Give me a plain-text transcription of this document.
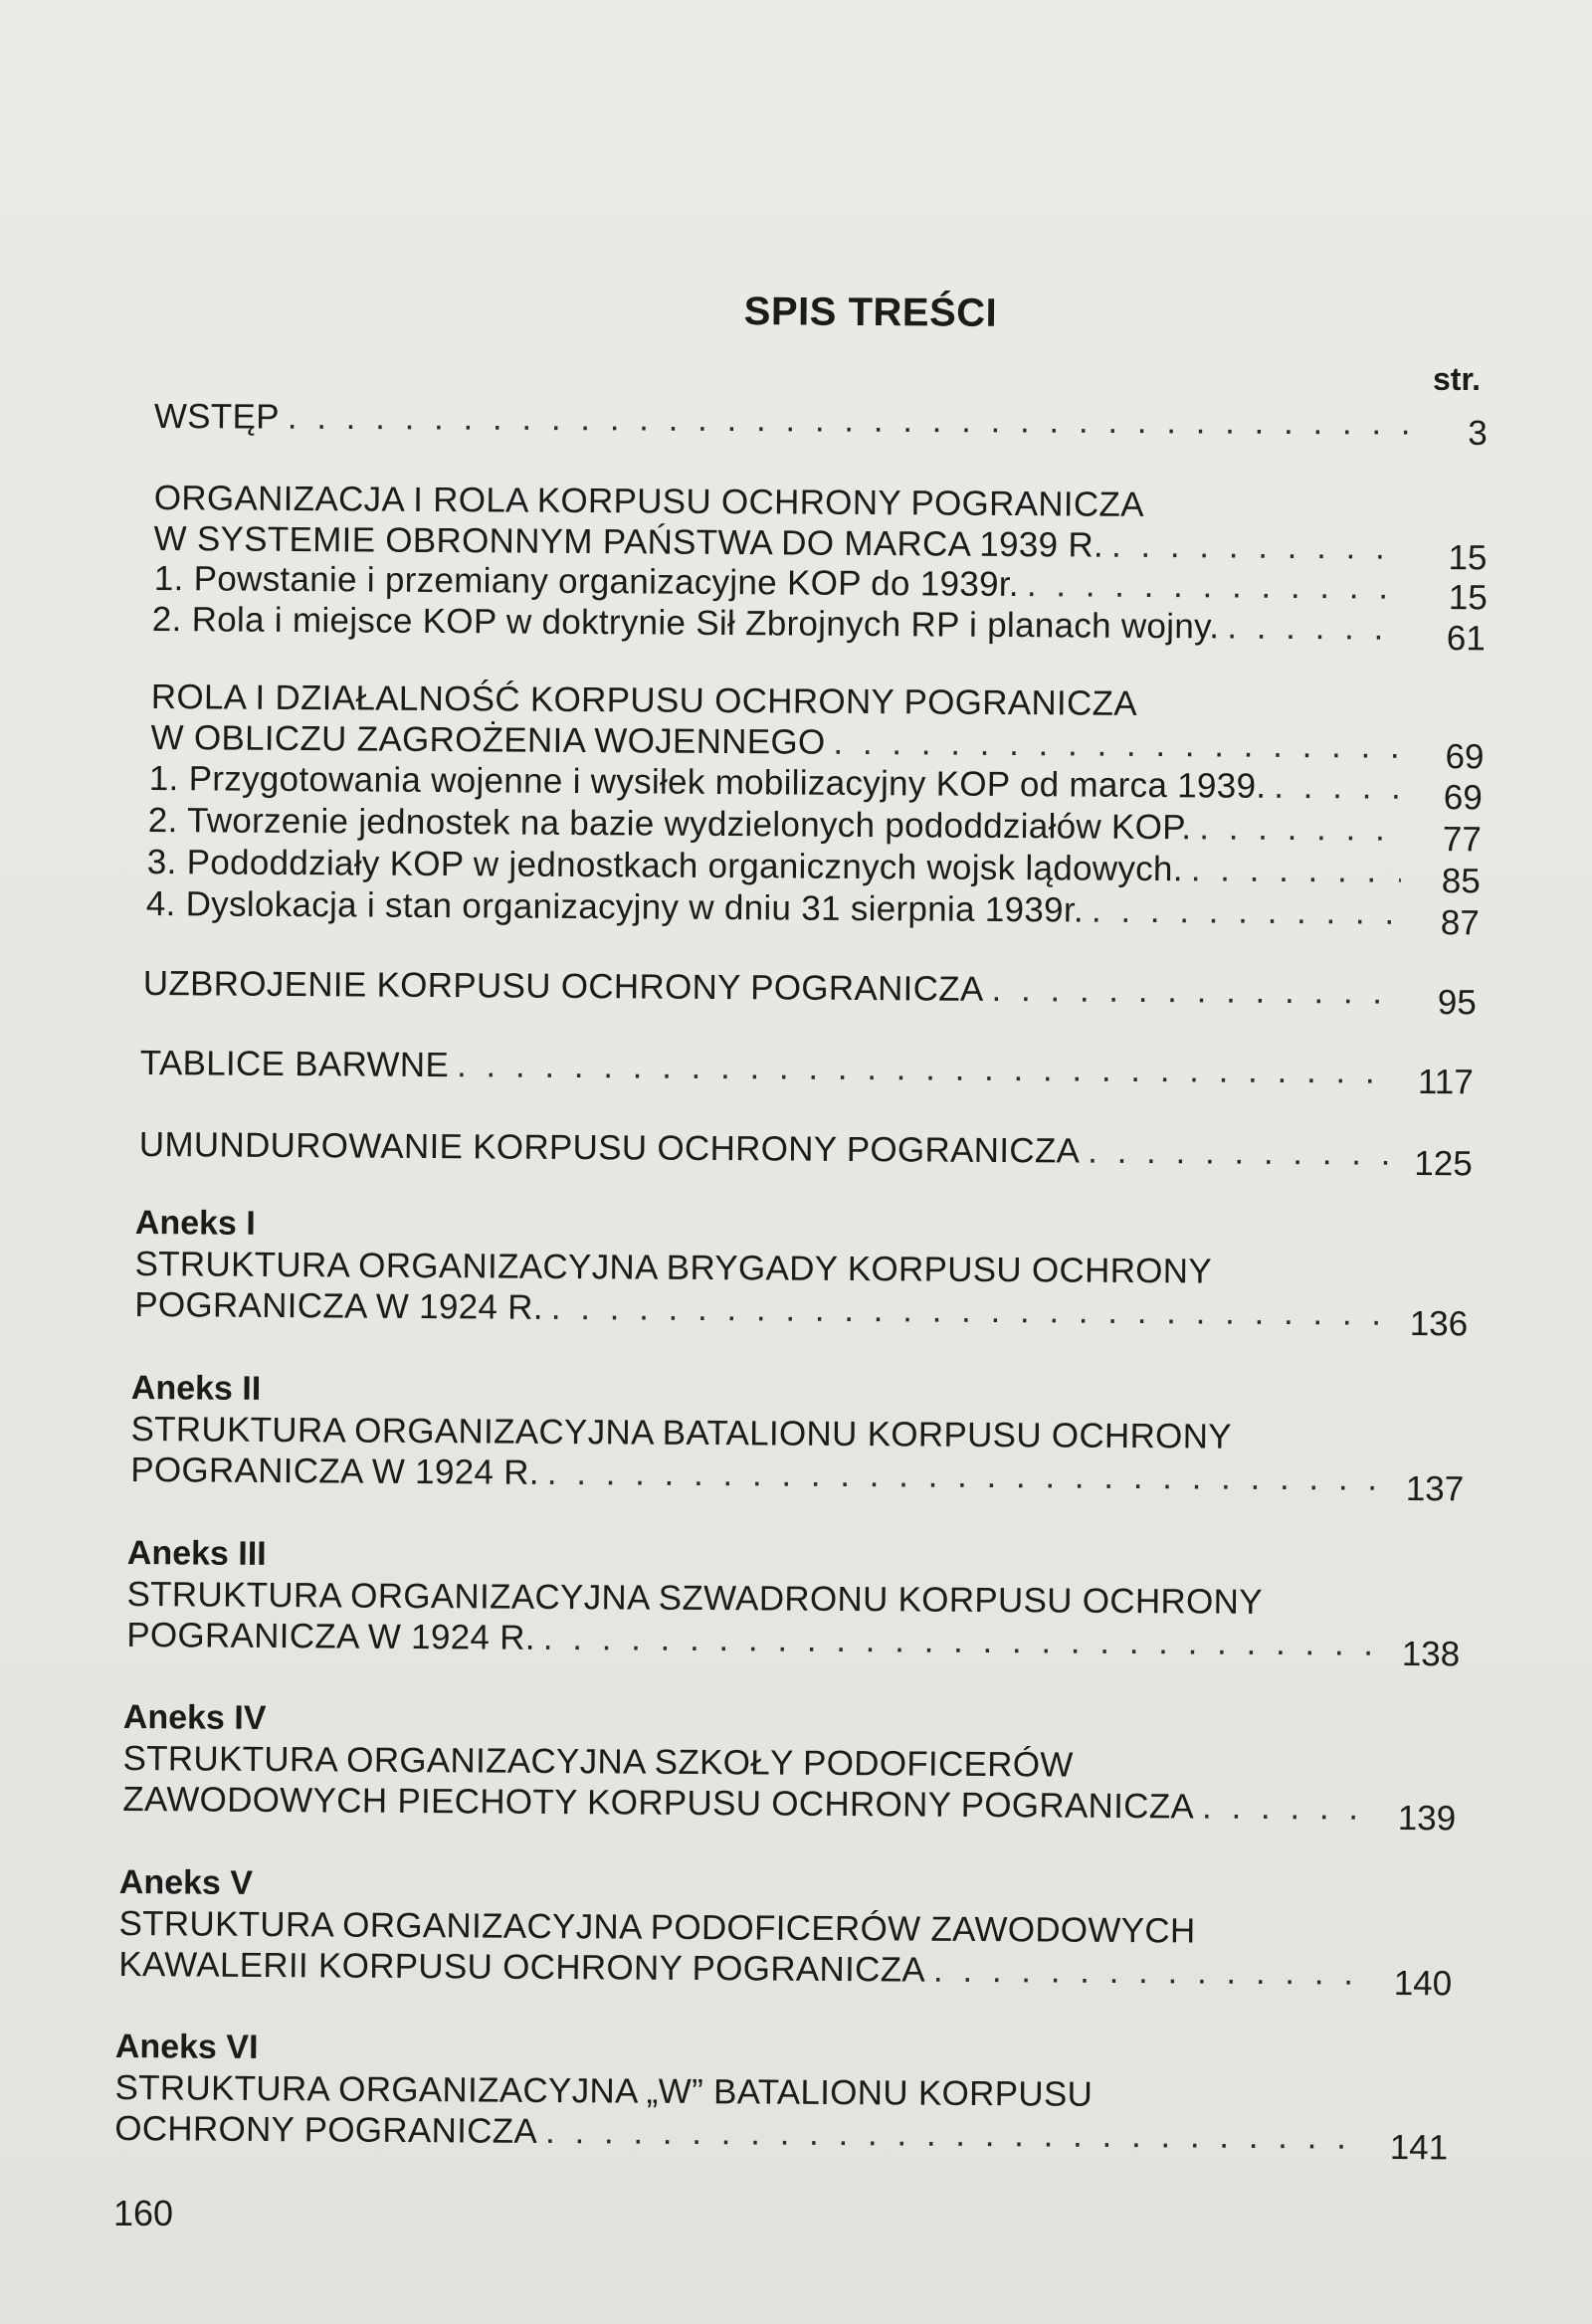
SPIS TREŚCI
str.
WSTĘP . . .	3
ORGANIZACJA I ROLA KORPUSU OCHRONY POGRANICZA
W SYSTEMIE OBRONNYM PAŃSTWA DO MARCA 1939 R. . . .	15
1. Powstanie i przemiany organizacyjne KOP do 1939r. . . .	15
2. Rola i miejsce KOP w doktrynie Sił Zbrojnych RP i planach wojny. . . .	61
ROLA I DZIAŁALNOŚĆ KORPUSU OCHRONY POGRANICZA
W OBLICZU ZAGROŻENIA WOJENNEGO . . .	69
1. Przygotowania wojenne i wysiłek mobilizacyjny KOP od marca 1939. . . .	69
2. Tworzenie jednostek na bazie wydzielonych pododdziałów KOP. . . .	77
3. Pododdziały KOP w jednostkach organicznych wojsk lądowych. . . .	85
4. Dyslokacja i stan organizacyjny w dniu 31 sierpnia 1939r. . . .	87
UZBROJENIE KORPUSU OCHRONY POGRANICZA . . .	95
TABLICE BARWNE . . .	117
UMUNDUROWANIE KORPUSU OCHRONY POGRANICZA . . .	125
Aneks I
STRUKTURA ORGANIZACYJNA BRYGADY KORPUSU OCHRONY
POGRANICZA W 1924 R. . . .	136
Aneks II
STRUKTURA ORGANIZACYJNA BATALIONU KORPUSU OCHRONY
POGRANICZA W 1924 R. . . .	137
Aneks III
STRUKTURA ORGANIZACYJNA SZWADRONU KORPUSU OCHRONY
POGRANICZA W 1924 R. . . .	138
Aneks IV
STRUKTURA ORGANIZACYJNA SZKOŁY PODOFICERÓW
ZAWODOWYCH PIECHOTY KORPUSU OCHRONY POGRANICZA . . .	139
Aneks V
STRUKTURA ORGANIZACYJNA PODOFICERÓW ZAWODOWYCH
KAWALERII KORPUSU OCHRONY POGRANICZA . . .	140
Aneks VI
STRUKTURA ORGANIZACYJNA „W” BATALIONU KORPUSU
OCHRONY POGRANICZA . . .	141
160
